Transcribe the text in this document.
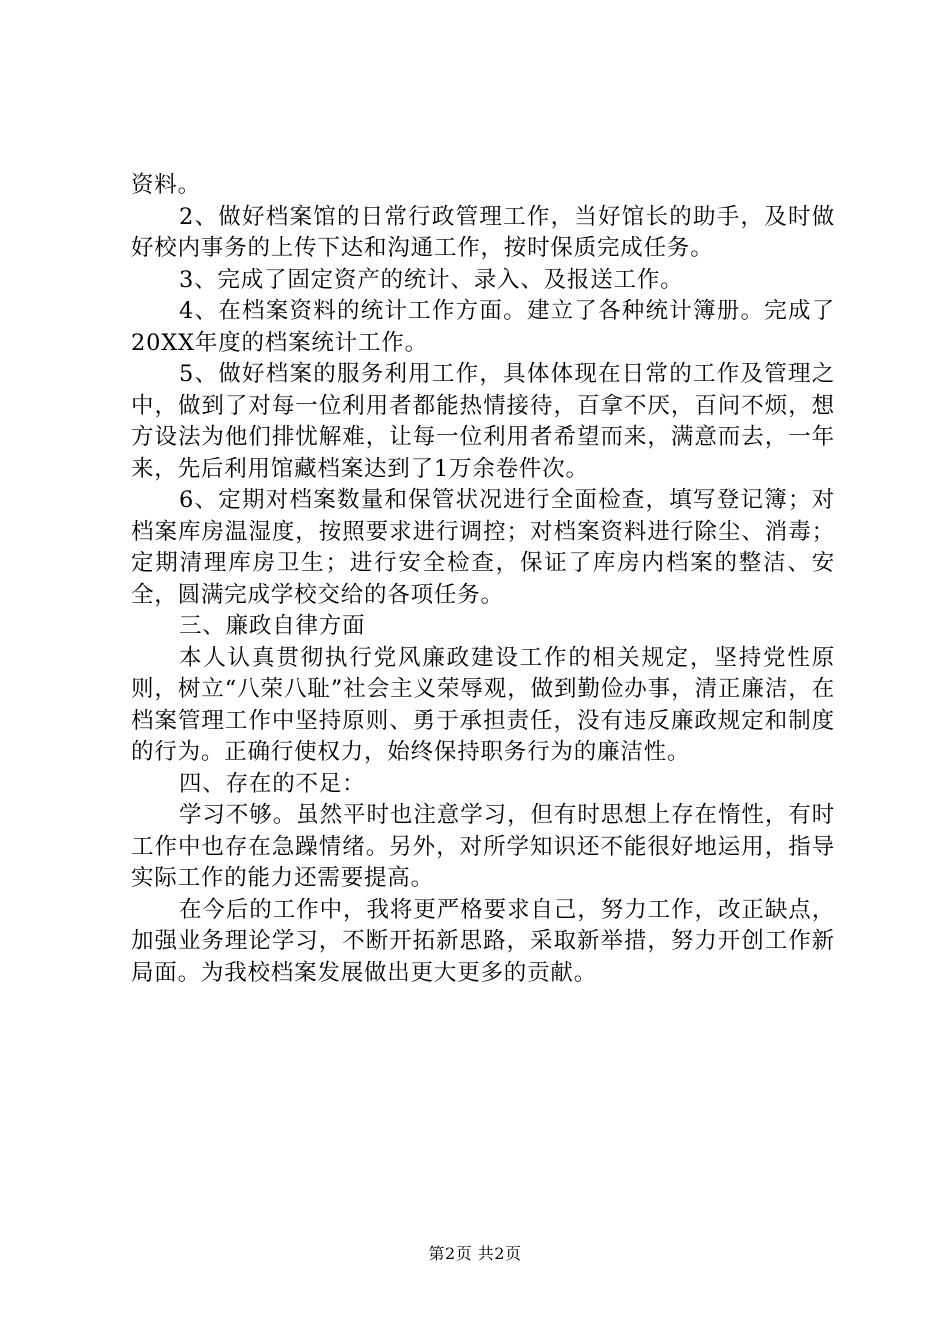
资料。

2、做好档案馆的日常行政管理工作，当好馆长的助手，及时做好校内事务的上传下达和沟通工作，按时保质完成任务。

3、完成了固定资产的统计、录入、及报送工作。

4、在档案资料的统计工作方面。建立了各种统计簿册。完成了20XX年度的档案统计工作。

5、做好档案的服务利用工作，具体体现在日常的工作及管理之中，做到了对每一位利用者都能热情接待，百拿不厌，百问不烦，想方设法为他们排忧解难，让每一位利用者希望而来，满意而去，一年来，先后利用馆藏档案达到了1万余卷件次。

6、定期对档案数量和保管状况进行全面检查，填写登记簿；对档案库房温湿度，按照要求进行调控；对档案资料进行除尘、消毒；定期清理库房卫生；进行安全检查，保证了库房内档案的整洁、安全，圆满完成学校交给的各项任务。

三、廉政自律方面

本人认真贯彻执行党风廉政建设工作的相关规定，坚持党性原则，树立“八荣八耻”社会主义荣辱观，做到勤俭办事，清正廉洁，在档案管理工作中坚持原则、勇于承担责任，没有违反廉政规定和制度的行为。正确行使权力，始终保持职务行为的廉洁性。

四、存在的不足：

学习不够。虽然平时也注意学习，但有时思想上存在惰性，有时工作中也存在急躁情绪。另外，对所学知识还不能很好地运用，指导实际工作的能力还需要提高。

在今后的工作中，我将更严格要求自己，努力工作，改正缺点，加强业务理论学习，不断开拓新思路，采取新举措，努力开创工作新局面。为我校档案发展做出更大更多的贡献。

第2页 共2页
